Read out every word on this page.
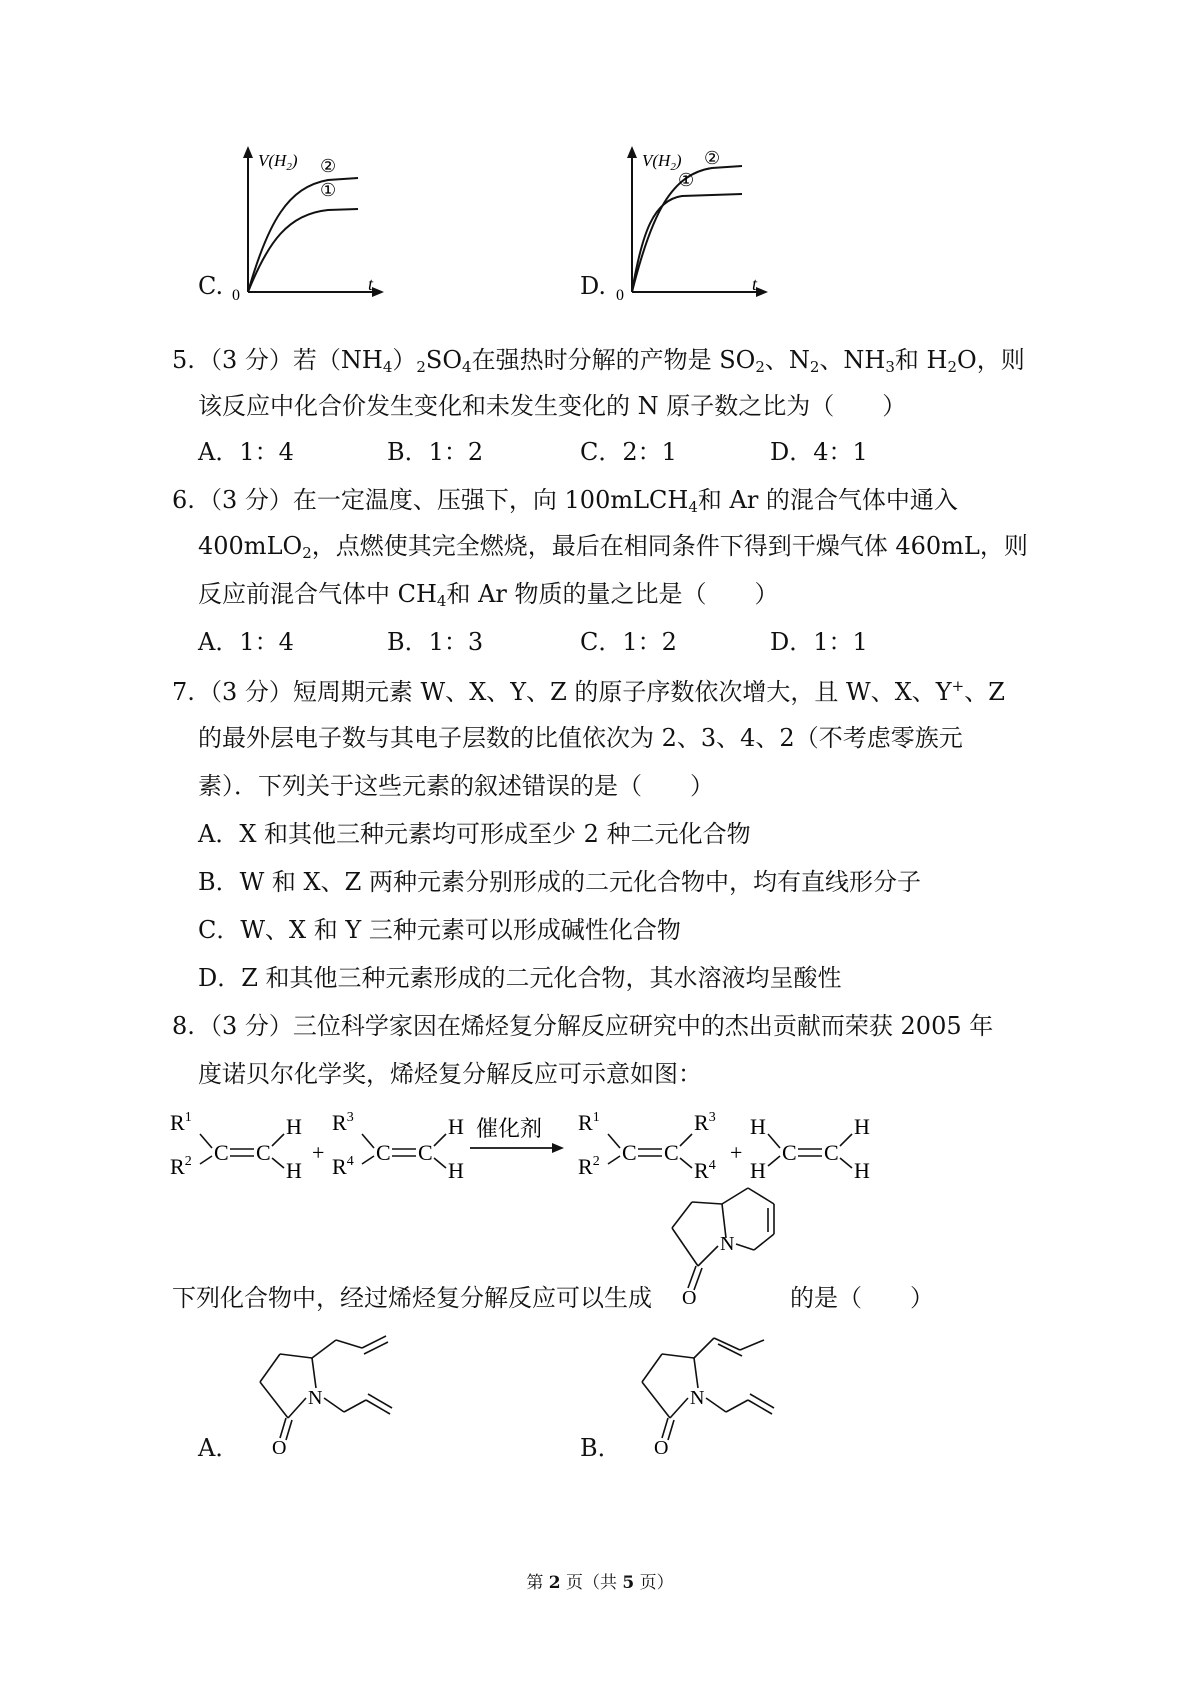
C.
$V(H_2)$
0
t
②
①
D.
$V(H_2)$
0
t
②
①
5. （3 分）若$(NH_4)_2SO_4$在强热时分解的产物是 $SO_2$、$N_2$、$NH_3$和 $H_2O$，则
该反应中化合价发生变化和未发生变化的 N 原子数之比为（　　）
A．1：4	B．1：2	C．2：1	D．4：1
6. （3 分）在一定温度、压强下，向 100mLCH$_4$和 Ar 的混合气体中通入
400mLO$_2$，点燃使其完全燃烧，最后在相同条件下得到干燥气体 460mL，则
反应前混合气体中 $CH_4$和 Ar 物质的量之比是（　　）
A．1：4	B．1：3	C．1：2	D．1：1
7. （3 分）短周期元素 W、X、Y、Z 的原子序数依次增大，且 W、X、Y+、Z
的最外层电子数与其电子层数的比值依次为 2、3、4、2（不考虑零族元
素）．下列关于这些元素的叙述错误的是（　　）
A．X 和其他三种元素均可形成至少 2 种二元化合物
B．W 和 X、Z 两种元素分别形成的二元化合物中，均有直线形分子
C．W、X 和 Y 三种元素可以形成碱性化合物
D．Z 和其他三种元素形成的二元化合物，其水溶液均呈酸性
8. （3 分）三位科学家因在烯烃复分解反应研究中的杰出贡献而荣获 2005 年
度诺贝尔化学奖，烯烃复分解反应可示意如图：
$R^1$
$R^2$ C C
H
H
+
$R^3$
$R^4$ C C
H
H
催化剂 $R^1$
$R^2$ C C
$R^3$
$R^4$
+
H
H
C C
H
H
下列化合物中，经过烯烃复分解反应可以生成
N
O	的是（　　）
A．
N
O	B．
N
O
第 2 页（共 5 页）
